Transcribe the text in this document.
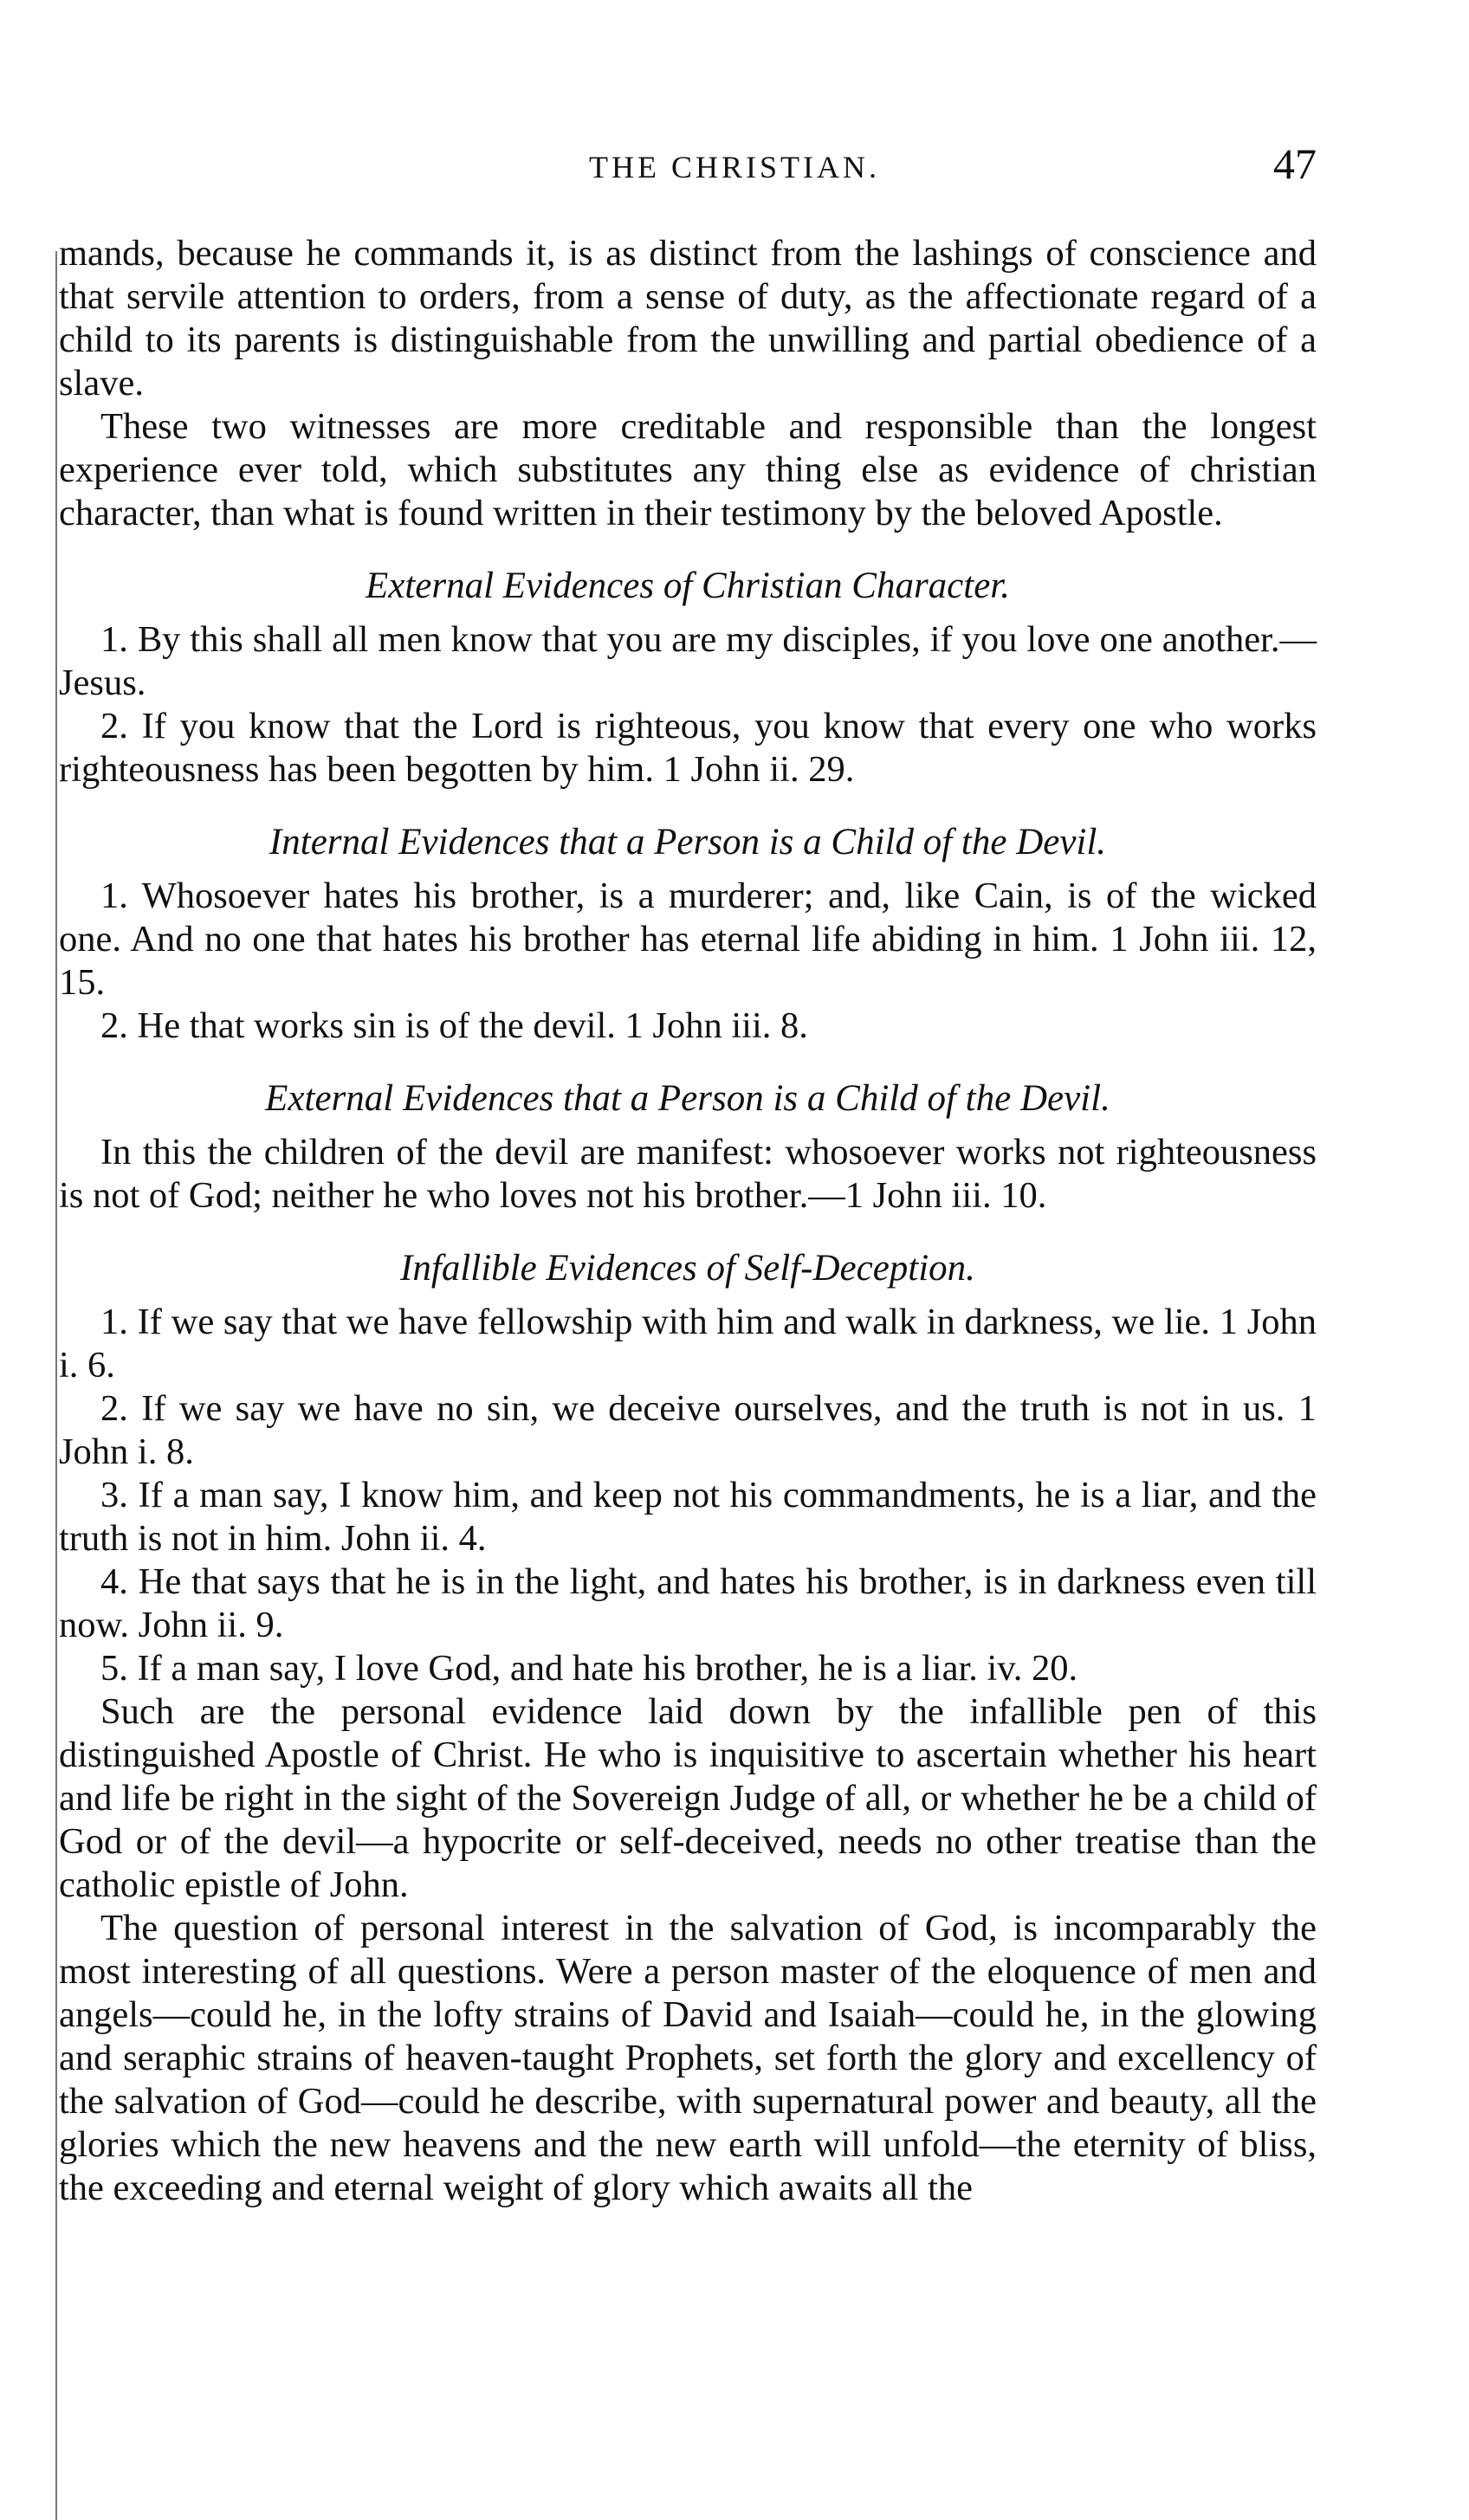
THE CHRISTIAN.	47

mands, because he commands it, is as distinct from the lashings of conscience and that servile attention to orders, from a sense of duty, as the affectionate regard of a child to its parents is distinguishable from the unwilling and partial obedience of a slave.

These two witnesses are more creditable and responsible than the longest experience ever told, which substitutes any thing else as evidence of christian character, than what is found written in their testimony by the beloved Apostle.

External Evidences of Christian Character.

1. By this shall all men know that you are my disciples, if you love one another.—Jesus.

2. If you know that the Lord is righteous, you know that every one who works righteousness has been begotten by him. 1 John ii. 29.

Internal Evidences that a Person is a Child of the Devil.

1. Whosoever hates his brother, is a murderer; and, like Cain, is of the wicked one. And no one that hates his brother has eternal life abiding in him. 1 John iii. 12, 15.

2. He that works sin is of the devil. 1 John iii. 8.

External Evidences that a Person is a Child of the Devil.

In this the children of the devil are manifest: whosoever works not righteousness is not of God; neither he who loves not his brother.—1 John iii. 10.

Infallible Evidences of Self-Deception.

1. If we say that we have fellowship with him and walk in darkness, we lie. 1 John i. 6.

2. If we say we have no sin, we deceive ourselves, and the truth is not in us. 1 John i. 8.

3. If a man say, I know him, and keep not his commandments, he is a liar, and the truth is not in him. John ii. 4.

4. He that says that he is in the light, and hates his brother, is in darkness even till now. John ii. 9.

5. If a man say, I love God, and hate his brother, he is a liar. iv. 20.

Such are the personal evidence laid down by the infallible pen of this distinguished Apostle of Christ. He who is inquisitive to ascertain whether his heart and life be right in the sight of the Sovereign Judge of all, or whether he be a child of God or of the devil—a hypocrite or self-deceived, needs no other treatise than the catholic epistle of John.

The question of personal interest in the salvation of God, is incomparably the most interesting of all questions. Were a person master of the eloquence of men and angels—could he, in the lofty strains of David and Isaiah—could he, in the glowing and seraphic strains of heaven-taught Prophets, set forth the glory and excellency of the salvation of God—could he describe, with supernatural power and beauty, all the glories which the new heavens and the new earth will unfold—the eternity of bliss, the exceeding and eternal weight of glory which awaits all the
